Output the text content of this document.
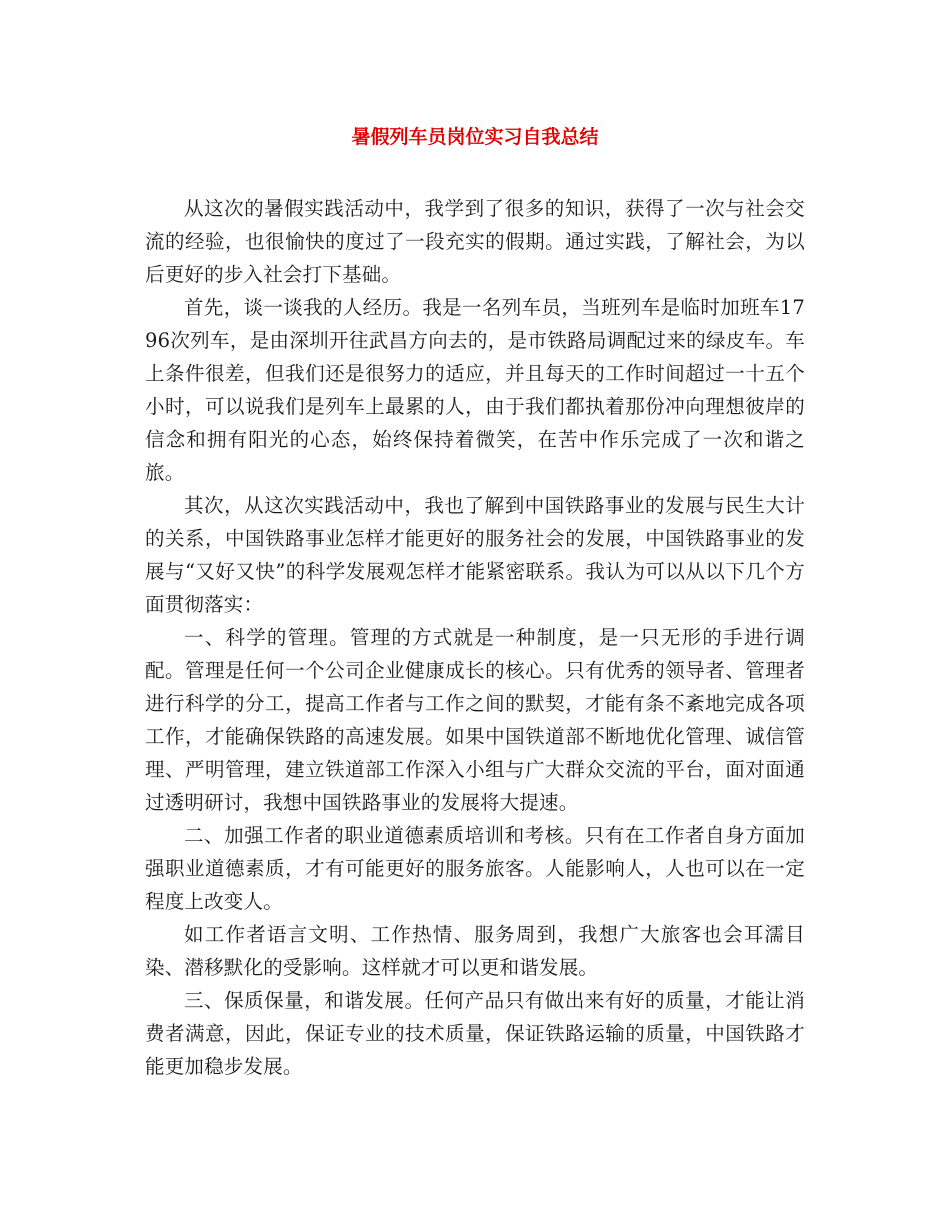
暑假列车员岗位实习自我总结

从这次的暑假实践活动中，我学到了很多的知识，获得了一次与社会交流的经验，也很愉快的度过了一段充实的假期。通过实践，了解社会，为以后更好的步入社会打下基础。

首先，谈一谈我的人经历。我是一名列车员，当班列车是临时加班车1796次列车，是由深圳开往武昌方向去的，是市铁路局调配过来的绿皮车。车上条件很差，但我们还是很努力的适应，并且每天的工作时间超过一十五个小时，可以说我们是列车上最累的人，由于我们都执着那份冲向理想彼岸的信念和拥有阳光的心态，始终保持着微笑，在苦中作乐完成了一次和谐之旅。

其次，从这次实践活动中，我也了解到中国铁路事业的发展与民生大计的关系，中国铁路事业怎样才能更好的服务社会的发展，中国铁路事业的发展与“又好又快”的科学发展观怎样才能紧密联系。我认为可以从以下几个方面贯彻落实：

一、科学的管理。管理的方式就是一种制度，是一只无形的手进行调配。管理是任何一个公司企业健康成长的核心。只有优秀的领导者、管理者进行科学的分工，提高工作者与工作之间的默契，才能有条不紊地完成各项工作，才能确保铁路的高速发展。如果中国铁道部不断地优化管理、诚信管理、严明管理，建立铁道部工作深入小组与广大群众交流的平台，面对面通过透明研讨，我想中国铁路事业的发展将大提速。

二、加强工作者的职业道德素质培训和考核。只有在工作者自身方面加强职业道德素质，才有可能更好的服务旅客。人能影响人，人也可以在一定程度上改变人。

如工作者语言文明、工作热情、服务周到，我想广大旅客也会耳濡目染、潜移默化的受影响。这样就才可以更和谐发展。

三、保质保量，和谐发展。任何产品只有做出来有好的质量，才能让消费者满意，因此，保证专业的技术质量，保证铁路运输的质量，中国铁路才能更加稳步发展。
